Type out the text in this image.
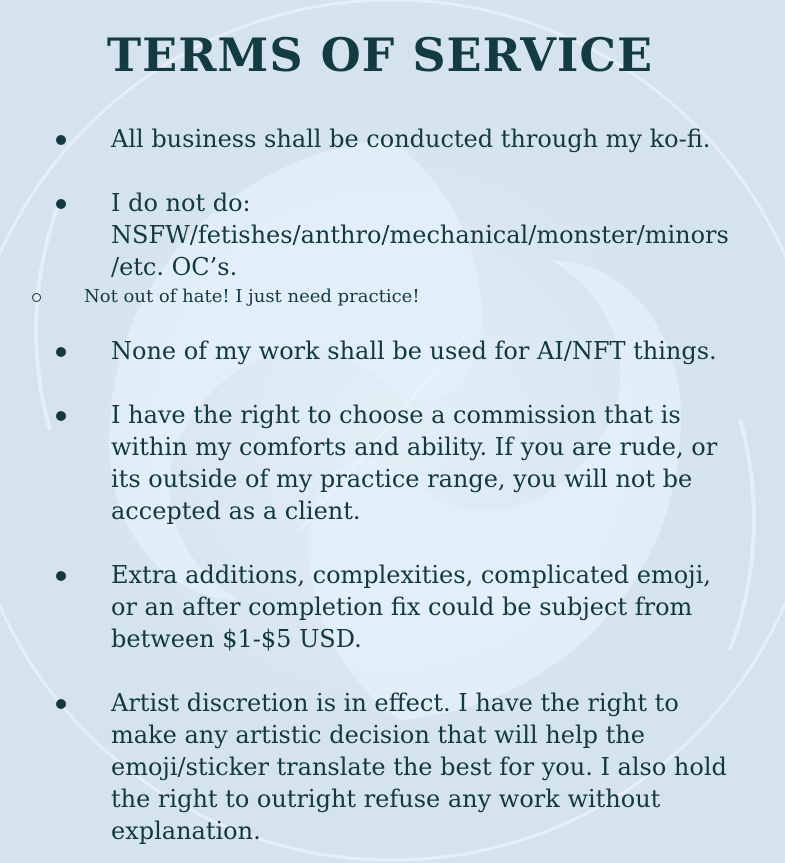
TERMS OF SERVICE
All business shall be conducted through my ko-fi.
I do not do: NSFW/fetishes/anthro/mechanical/monster/minors /etc. OC’s.
Not out of hate! I just need practice!
None of my work shall be used for AI/NFT things.
I have the right to choose a commission that is within my comforts and ability. If you are rude, or its outside of my practice range, you will not be accepted as a client.
Extra additions, complexities, complicated emoji, or an after completion fix could be subject from between $1-$5 USD.
Artist discretion is in effect. I have the right to make any artistic decision that will help the emoji/sticker translate the best for you. I also hold the right to outright refuse any work without explanation.
